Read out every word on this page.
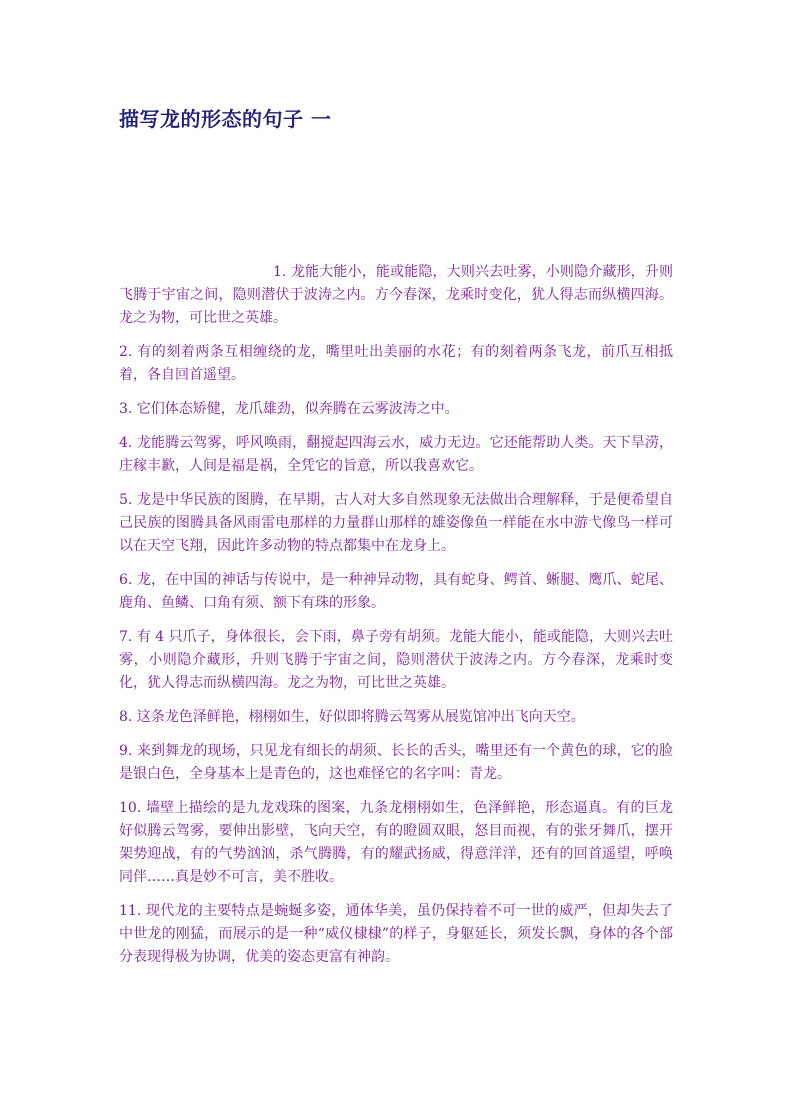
描写龙的形态的句子 一

1. 龙能大能小，能或能隐，大则兴去吐雾，小则隐介藏形，升则飞腾于宇宙之间，隐则潜伏于波涛之内。方今春深，龙乘时变化，犹人得志而纵横四海。龙之为物，可比世之英雄。

2. 有的刻着两条互相缠绕的龙，嘴里吐出美丽的水花；有的刻着两条飞龙，前爪互相抵着，各自回首遥望。

3. 它们体态矫健，龙爪雄劲，似奔腾在云雾波涛之中。

4. 龙能腾云驾雾，呼风唤雨，翻搅起四海云水，威力无边。它还能帮助人类。天下旱涝，庄稼丰歉，人间是福是祸，全凭它的旨意，所以我喜欢它。

5. 龙是中华民族的图腾，在早期，古人对大多自然现象无法做出合理解释，于是便希望自己民族的图腾具备风雨雷电那样的力量群山那样的雄姿像鱼一样能在水中游弋像鸟一样可以在天空飞翔，因此许多动物的特点都集中在龙身上。

6. 龙，在中国的神话与传说中，是一种神异动物，具有蛇身、鳄首、蜥腿、鹰爪、蛇尾、鹿角、鱼鳞、口角有须、额下有珠的形象。

7. 有 4 只爪子，身体很长，会下雨，鼻子旁有胡须。龙能大能小，能或能隐，大则兴去吐雾，小则隐介藏形，升则飞腾于宇宙之间，隐则潜伏于波涛之内。方今春深，龙乘时变化，犹人得志而纵横四海。龙之为物，可比世之英雄。

8. 这条龙色泽鲜艳，栩栩如生，好似即将腾云驾雾从展览馆冲出飞向天空。

9. 来到舞龙的现场，只见龙有细长的胡须、长长的舌头，嘴里还有一个黄色的球，它的脸是银白色，全身基本上是青色的，这也难怪它的名字叫：青龙。

10. 墙壁上描绘的是九龙戏珠的图案，九条龙栩栩如生，色泽鲜艳，形态逼真。有的巨龙好似腾云驾雾，要伸出影壁，飞向天空，有的瞪圆双眼，怒目而视，有的张牙舞爪，摆开架势迎战，有的气势汹汹，杀气腾腾，有的耀武扬威，得意洋洋，还有的回首遥望，呼唤同伴……真是妙不可言，美不胜收。

11. 现代龙的主要特点是蜿蜒多姿，通体华美，虽仍保持着不可一世的威严，但却失去了中世龙的刚猛，而展示的是一种“威仪棣棣”的样子，身躯延长，须发长飘，身体的各个部分表现得极为协调，优美的姿态更富有神韵。
